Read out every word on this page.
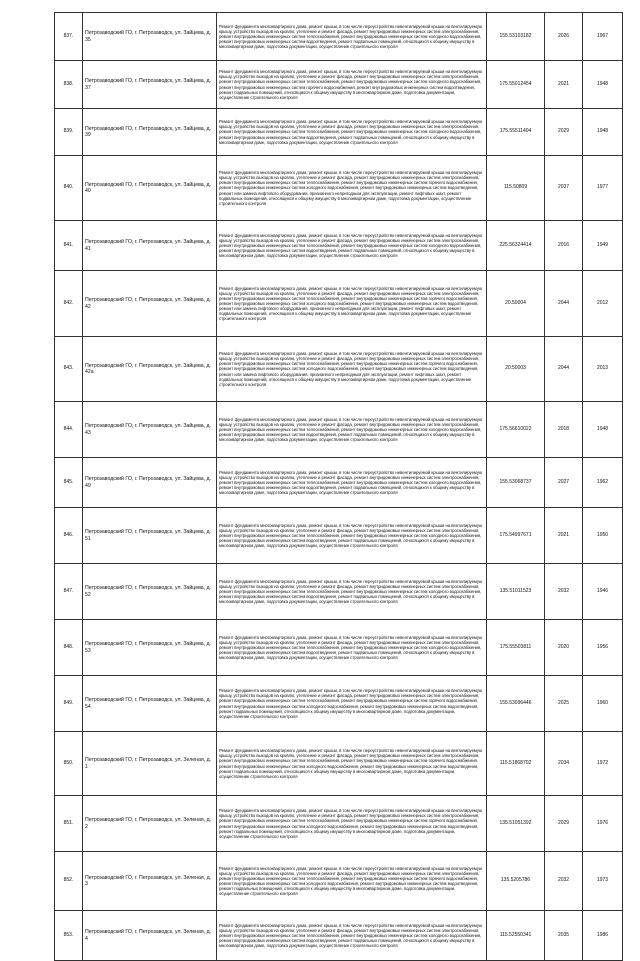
837.	Петрозаводский ГО, г. Петрозаводск, ул. Зайцева, д. 35	Ремонт фундамента многоквартирного дома, ремонт крыши, в том числе переустройство невентилируемой крыши на вентилируемую крышу, устройство выходов на кровлю, утепление и ремонт фасада, ремонт внутридомовых инженерных систем электроснабжения, ремонт внутридомовых инженерных систем теплоснабжения, ремонт внутридомовых инженерных систем холодного водоснабжения, ремонт внутридомовых инженерных систем водоотведения, ремонт подвальных помещений, относящихся к общему имуществу в многоквартирном доме, подготовка документации, осуществление строительного контроля	155.53103182	2026	1967
838.	Петрозаводский ГО, г. Петрозаводск, ул. Зайцева, д. 37	Ремонт фундамента многоквартирного дома, ремонт крыши, в том числе переустройство невентилируемой крыши на вентилируемую крышу, устройство выходов на кровлю, утепление и ремонт фасада, ремонт внутридомовых инженерных систем электроснабжения, ремонт внутридомовых инженерных систем теплоснабжения, ремонт внутридомовых инженерных систем холодного водоснабжения, ремонт внутридомовых инженерных систем горячего водоснабжения, ремонт внутридомовых инженерных систем водоотведения, ремонт подвальных помещений, относящихся к общему имуществу в многоквартирном доме, подготовка документации, осуществление строительного контроля	175.55012454	2021	1948
839.	Петрозаводский ГО, г. Петрозаводск, ул. Зайцева, д. 39	Ремонт фундамента многоквартирного дома, ремонт крыши, в том числе переустройство невентилируемой крыши на вентилируемую крышу, устройство выходов на кровлю, утепление и ремонт фасада, ремонт внутридомовых инженерных систем электроснабжения, ремонт внутридомовых инженерных систем теплоснабжения, ремонт внутридомовых инженерных систем холодного водоснабжения, ремонт внутридомовых инженерных систем водоотведения, ремонт подвальных помещений, относящихся к общему имуществу в многоквартирном доме, подготовка документации, осуществление строительного контроля	175.55511404	2029	1948
840.	Петрозаводский ГО, г. Петрозаводск, ул. Зайцева, д. 40	Ремонт фундамента многоквартирного дома, ремонт крыши, в том числе переустройство невентилируемой крыши на вентилируемую крышу, устройство выходов на кровлю, утепление и ремонт фасада, ремонт внутридомовых инженерных систем электроснабжения, ремонт внутридомовых инженерных систем теплоснабжения, ремонт внутридомовых инженерных систем горячего водоснабжения, ремонт внутридомовых инженерных систем холодного водоснабжения, ремонт внутридомовых инженерных систем водоотведения, ремонт или замена лифтового оборудования, признанного непригодным для эксплуатации, ремонт лифтовых шахт, ремонт подвальных помещений, относящихся к общему имуществу в многоквартирном доме, подготовка документации, осуществление строительного контроля	115.50809	2037	1977
841.	Петрозаводский ГО, г. Петрозаводск, ул. Зайцева, д. 41	Ремонт фундамента многоквартирного дома, ремонт крыши, в том числе переустройство невентилируемой крыши на вентилируемую крышу, устройство выходов на кровлю, утепление и ремонт фасада, ремонт внутридомовых инженерных систем электроснабжения, ремонт внутридомовых инженерных систем теплоснабжения, ремонт внутридомовых инженерных систем холодного водоснабжения, ремонт внутридомовых инженерных систем водоотведения, ремонт подвальных помещений, относящихся к общему имуществу в многоквартирном доме, подготовка документации, осуществление строительного контроля	225.56324414	2016	1949
842.	Петрозаводский ГО, г. Петрозаводск, ул. Зайцева, д. 42	Ремонт фундамента многоквартирного дома, ремонт крыши, в том числе переустройство невентилируемой крыши на вентилируемую крышу, устройство выходов на кровлю, утепление и ремонт фасада, ремонт внутридомовых инженерных систем электроснабжения, ремонт внутридомовых инженерных систем теплоснабжения, ремонт внутридомовых инженерных систем горячего водоснабжения, ремонт внутридомовых инженерных систем холодного водоснабжения, ремонт внутридомовых инженерных систем водоотведения, ремонт или замена лифтового оборудования, признанного непригодным для эксплуатации, ремонт лифтовых шахт, ремонт подвальных помещений, относящихся к общему имуществу в многоквартирном доме, подготовка документации, осуществление строительного контроля	20.50004	2044	2012
843.	Петрозаводский ГО, г. Петрозаводск, ул. Зайцева, д. 42а	Ремонт фундамента многоквартирного дома, ремонт крыши, в том числе переустройство невентилируемой крыши на вентилируемую крышу, устройство выходов на кровлю, утепление и ремонт фасада, ремонт внутридомовых инженерных систем электроснабжения, ремонт внутридомовых инженерных систем теплоснабжения, ремонт внутридомовых инженерных систем горячего водоснабжения, ремонт внутридомовых инженерных систем холодного водоснабжения, ремонт внутридомовых инженерных систем водоотведения, ремонт или замена лифтового оборудования, признанного непригодным для эксплуатации, ремонт лифтовых шахт, ремонт подвальных помещений, относящихся к общему имуществу в многоквартирном доме, подготовка документации, осуществление строительного контроля	20.50003	2044	2013
844.	Петрозаводский ГО, г. Петрозаводск, ул. Зайцева, д. 43	Ремонт фундамента многоквартирного дома, ремонт крыши, в том числе переустройство невентилируемой крыши на вентилируемую крышу, устройство выходов на кровлю, утепление и ремонт фасада, ремонт внутридомовых инженерных систем электроснабжения, ремонт внутридомовых инженерных систем теплоснабжения, ремонт внутридомовых инженерных систем холодного водоснабжения, ремонт внутридомовых инженерных систем водоотведения, ремонт подвальных помещений, относящихся к общему имуществу в многоквартирном доме, подготовка документации, осуществление строительного контроля	175.56610022	2018	1948
845.	Петрозаводский ГО, г. Петрозаводск, ул. Зайцева, д. 49	Ремонт фундамента многоквартирного дома, ремонт крыши, в том числе переустройство невентилируемой крыши на вентилируемую крышу, устройство выходов на кровлю, утепление и ремонт фасада, ремонт внутридомовых инженерных систем электроснабжения, ремонт внутридомовых инженерных систем теплоснабжения, ремонт внутридомовых инженерных систем холодного водоснабжения, ремонт внутридомовых инженерных систем водоотведения, ремонт подвальных помещений, относящихся к общему имуществу в многоквартирном доме, подготовка документации, осуществление строительного контроля	155.53068737	2027	1962
846.	Петрозаводский ГО, г. Петрозаводск, ул. Зайцева, д. 51	Ремонт фундамента многоквартирного дома, ремонт крыши, в том числе переустройство невентилируемой крыши на вентилируемую крышу, устройство выходов на кровлю, утепление и ремонт фасада, ремонт внутридомовых инженерных систем электроснабжения, ремонт внутридомовых инженерных систем теплоснабжения, ремонт внутридомовых инженерных систем холодного водоснабжения, ремонт внутридомовых инженерных систем водоотведения, ремонт подвальных помещений, относящихся к общему имуществу в многоквартирном доме, подготовка документации, осуществление строительного контроля	175.54997671	2021	1950
847.	Петрозаводский ГО, г. Петрозаводск, ул. Зайцева, д. 52	Ремонт фундамента многоквартирного дома, ремонт крыши, в том числе переустройство невентилируемой крыши на вентилируемую крышу, устройство выходов на кровлю, утепление и ремонт фасада, ремонт внутридомовых инженерных систем электроснабжения, ремонт внутридомовых инженерных систем теплоснабжения, ремонт внутридомовых инженерных систем холодного водоснабжения, ремонт внутридомовых инженерных систем водоотведения, ремонт подвальных помещений, относящихся к общему имуществу в многоквартирном доме, подготовка документации, осуществление строительного контроля	135.51011523	2032	1946
848.	Петрозаводский ГО, г. Петрозаводск, ул. Зайцева, д. 53	Ремонт фундамента многоквартирного дома, ремонт крыши, в том числе переустройство невентилируемой крыши на вентилируемую крышу, устройство выходов на кровлю, утепление и ремонт фасада, ремонт внутридомовых инженерных систем электроснабжения, ремонт внутридомовых инженерных систем теплоснабжения, ремонт внутридомовых инженерных систем холодного водоснабжения, ремонт внутридомовых инженерных систем водоотведения, ремонт подвальных помещений, относящихся к общему имуществу в многоквартирном доме, подготовка документации, осуществление строительного контроля	175.55503811	2020	1956
849.	Петрозаводский ГО, г. Петрозаводск, ул. Зайцева, д. 54	Ремонт фундамента многоквартирного дома, ремонт крыши, в том числе переустройство невентилируемой крыши на вентилируемую крышу, устройство выходов на кровлю, утепление и ремонт фасада, ремонт внутридомовых инженерных систем электроснабжения, ремонт внутридомовых инженерных систем теплоснабжения, ремонт внутридомовых инженерных систем горячего водоснабжения, ремонт внутридомовых инженерных систем холодного водоснабжения, ремонт внутридомовых инженерных систем водоотведения, ремонт подвальных помещений, относящихся к общему имуществу в многоквартирном доме, подготовка документации, осуществление строительного контроля	155.53096446	2025	1960
850.	Петрозаводский ГО, г. Петрозаводск, ул. Зеленая, д. 1	Ремонт фундамента многоквартирного дома, ремонт крыши, в том числе переустройство невентилируемой крыши на вентилируемую крышу, устройство выходов на кровлю, утепление и ремонт фасада, ремонт внутридомовых инженерных систем электроснабжения, ремонт внутридомовых инженерных систем теплоснабжения, ремонт внутридомовых инженерных систем горячего водоснабжения, ремонт внутридомовых инженерных систем холодного водоснабжения, ремонт внутридомовых инженерных систем водоотведения, ремонт подвальных помещений, относящихся к общему имуществу в многоквартирном доме, подготовка документации, осуществление строительного контроля	115.51868702	2034	1972
851.	Петрозаводский ГО, г. Петрозаводск, ул. Зеленая, д. 2	Ремонт фундамента многоквартирного дома, ремонт крыши, в том числе переустройство невентилируемой крыши на вентилируемую крышу, устройство выходов на кровлю, утепление и ремонт фасада, ремонт внутридомовых инженерных систем электроснабжения, ремонт внутридомовых инженерных систем теплоснабжения, ремонт внутридомовых инженерных систем горячего водоснабжения, ремонт внутридомовых инженерных систем холодного водоснабжения, ремонт внутридомовых инженерных систем водоотведения, ремонт подвальных помещений, относящихся к общему имуществу в многоквартирном доме, подготовка документации, осуществление строительного контроля	135.51051392	2029	1976
852.	Петрозаводский ГО, г. Петрозаводск, ул. Зеленая, д. 3	Ремонт фундамента многоквартирного дома, ремонт крыши, в том числе переустройство невентилируемой крыши на вентилируемую крышу, устройство выходов на кровлю, утепление и ремонт фасада, ремонт внутридомовых инженерных систем электроснабжения, ремонт внутридомовых инженерных систем теплоснабжения, ремонт внутридомовых инженерных систем горячего водоснабжения, ремонт внутридомовых инженерных систем холодного водоснабжения, ремонт внутридомовых инженерных систем водоотведения, ремонт подвальных помещений, относящихся к общему имуществу в многоквартирном доме, подготовка документации, осуществление строительного контроля	135.5205786	2032	1973
853.	Петрозаводский ГО, г. Петрозаводск, ул. Зеленая, д. 4	Ремонт фундамента многоквартирного дома, ремонт крыши, в том числе переустройство невентилируемой крыши на вентилируемую крышу, устройство выходов на кровлю, утепление и ремонт фасада, ремонт внутридомовых инженерных систем электроснабжения, ремонт внутридомовых инженерных систем теплоснабжения, ремонт внутридомовых инженерных систем холодного водоснабжения, ремонт внутридомовых инженерных систем водоотведения, ремонт подвальных помещений, относящихся к общему имуществу в многоквартирном доме, подготовка документации, осуществление строительного контроля	115.52550341	2035	1986
